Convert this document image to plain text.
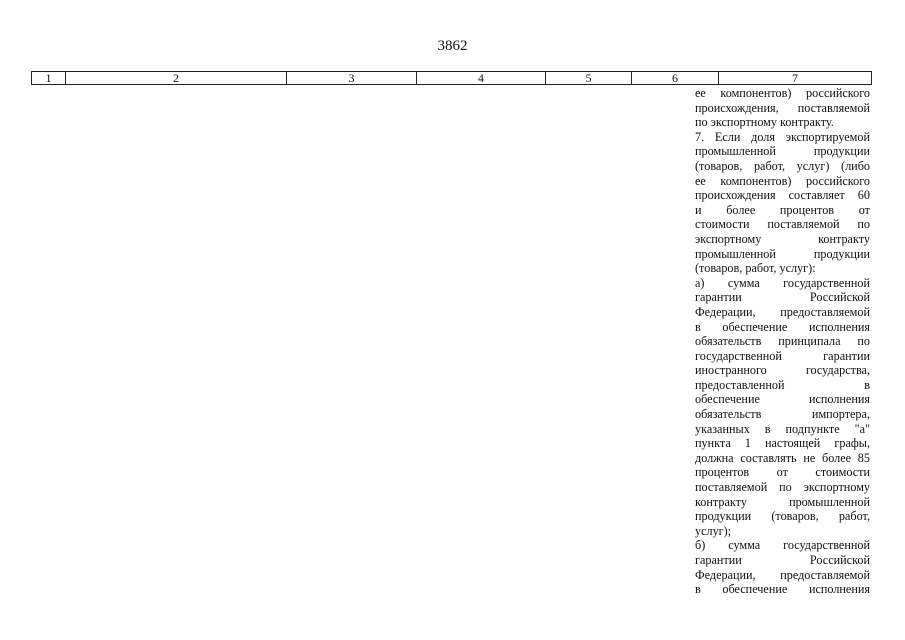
3862
1	2	3	4	5	6	7
ее компонентов) российского
происхождения, поставляемой
по экспортному контракту.
7. Если доля экспортируемой
промышленной продукции
(товаров, работ, услуг) (либо
ее компонентов) российского
происхождения составляет 60
и более процентов от
стоимости поставляемой по
экспортному контракту
промышленной продукции
(товаров, работ, услуг):
а) сумма государственной
гарантии Российской
Федерации, предоставляемой
в обеспечение исполнения
обязательств принципала по
государственной гарантии
иностранного государства,
предоставленной в
обеспечение исполнения
обязательств импортера,
указанных в подпункте "а"
пункта 1 настоящей графы,
должна составлять не более 85
процентов от стоимости
поставляемой по экспортному
контракту промышленной
продукции (товаров, работ,
услуг);
б) сумма государственной
гарантии Российской
Федерации, предоставляемой
в обеспечение исполнения
